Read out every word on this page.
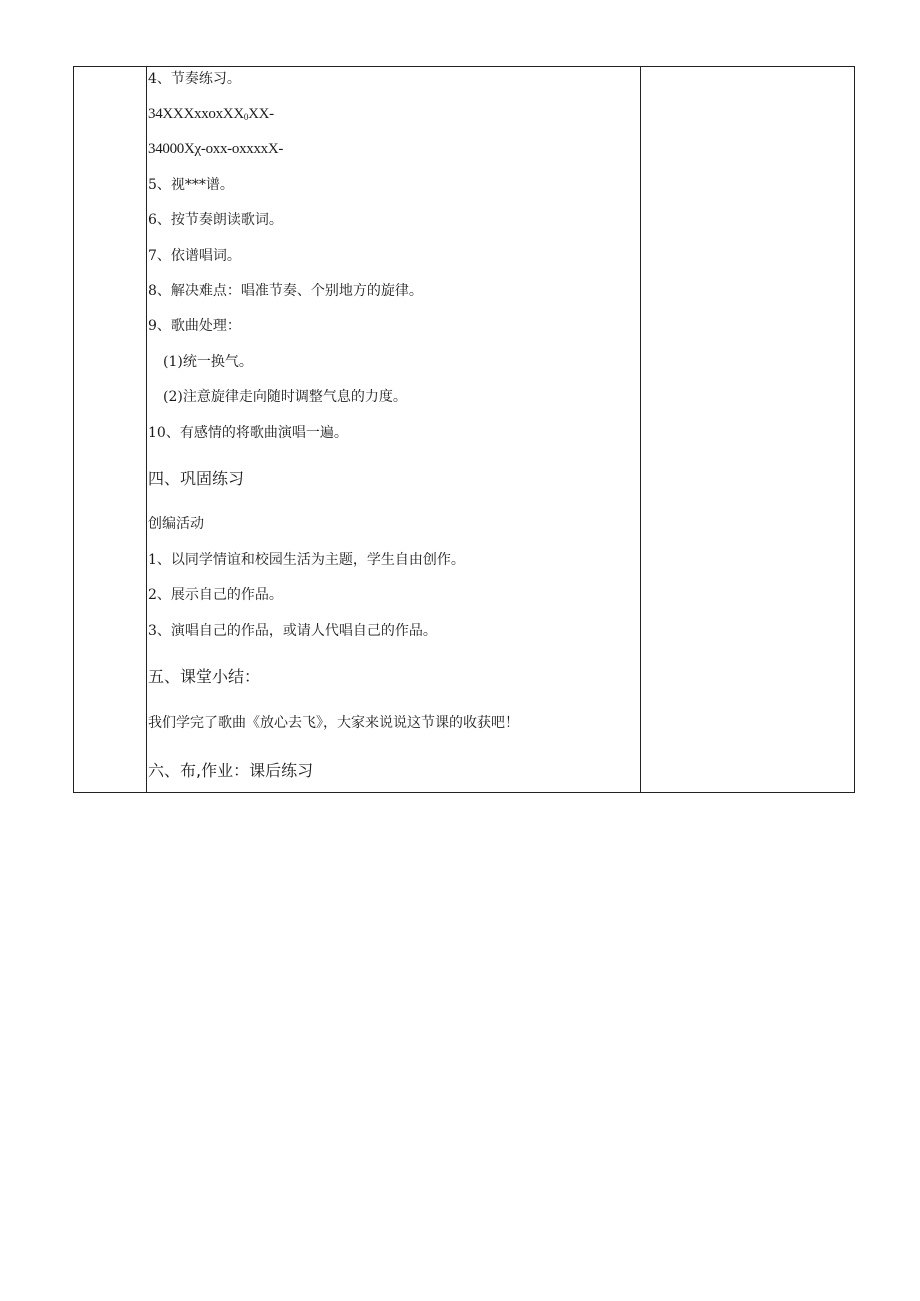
4、节奏练习。
34XXXxxoxXX$_0$XX-
34000Xχ-oxx-oxxxxX-
5、视***谱。
6、按节奏朗读歌词。
7、依谱唱词。
8、解决难点：唱准节奏、个别地方的旋律。
9、歌曲处理：
(1)统一换气。
(2)注意旋律走向随时调整气息的力度。
10、有感情的将歌曲演唱一遍。
四、巩固练习
创编活动
1、以同学情谊和校园生活为主题，学生自由创作。
2、展示自己的作品。
3、演唱自己的作品，或请人代唱自己的作品。
五、课堂小结：
我们学完了歌曲《放心去飞》，大家来说说这节课的收获吧！
六、布,作业：课后练习
